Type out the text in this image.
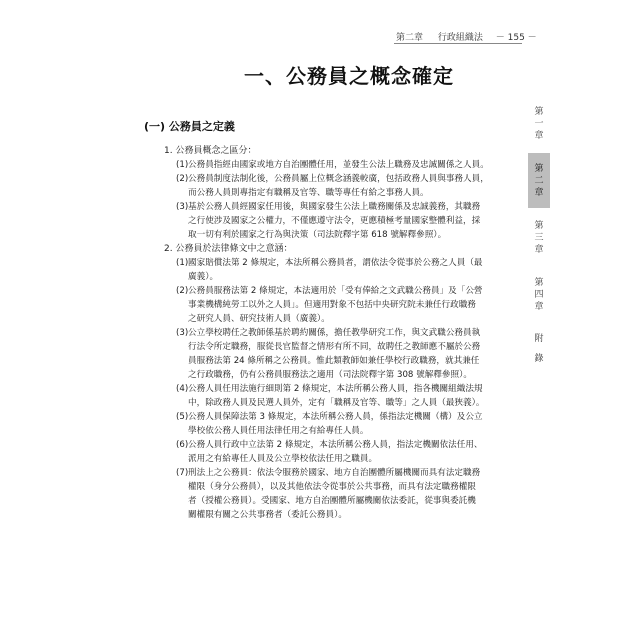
第二章 行政組織法 － 155 －
一、公務員之概念確定
第
一
章
第
二
章
第
三
章
第
四
章
附
錄
(一) 公務員之定義
1. 公務員概念之區分：
(1) 公務員指經由國家或地方自治團體任用，並發生公法上職務及忠誠關係之人員。
(2) 公務員制度法制化後，公務員屬上位概念涵義較廣，包括政務人員與事務人員，
而公務人員則專指定有職稱及官等、職等專任有給之事務人員。
(3) 基於公務人員經國家任用後，與國家發生公法上職務關係及忠誠義務，其職務
之行使涉及國家之公權力，不僅應遵守法令，更應積極考量國家整體利益，採
取一切有利於國家之行為與決策（司法院釋字第 618 號解釋參照）。
2. 公務員於法律條文中之意涵：
(1) 國家賠償法第 2 條規定，本法所稱公務員者，謂依法令從事於公務之人員（最
廣義）。
(2) 公務員服務法第 2 條規定，本法適用於「受有俸給之文武職公務員」及「公營
事業機構純勞工以外之人員」。但適用對象不包括中央研究院未兼任行政職務
之研究人員、研究技術人員（廣義）。
(3) 公立學校聘任之教師係基於聘約關係，擔任教學研究工作，與文武職公務員執
行法令所定職務，服從長官監督之情形有所不同，故聘任之教師應不屬於公務
員服務法第 24 條所稱之公務員。惟此類教師如兼任學校行政職務，就其兼任
之行政職務，仍有公務員服務法之適用（司法院釋字第 308 號解釋參照）。
(4) 公務人員任用法施行細則第 2 條規定，本法所稱公務人員，指各機關組織法規
中，除政務人員及民選人員外，定有「職稱及官等、職等」之人員（最狹義）。
(5) 公務人員保障法第 3 條規定，本法所稱公務人員，係指法定機關（構）及公立
學校依公務人員任用法律任用之有給專任人員。
(6) 公務人員行政中立法第 2 條規定，本法所稱公務人員，指法定機關依法任用、
派用之有給專任人員及公立學校依法任用之職員。
(7) 刑法上之公務員：依法令服務於國家、地方自治團體所屬機關而具有法定職務
權限（身分公務員），以及其他依法令從事於公共事務，而具有法定職務權限
者（授權公務員）。受國家、地方自治團體所屬機關依法委託，從事與委託機
關權限有關之公共事務者（委託公務員）。
